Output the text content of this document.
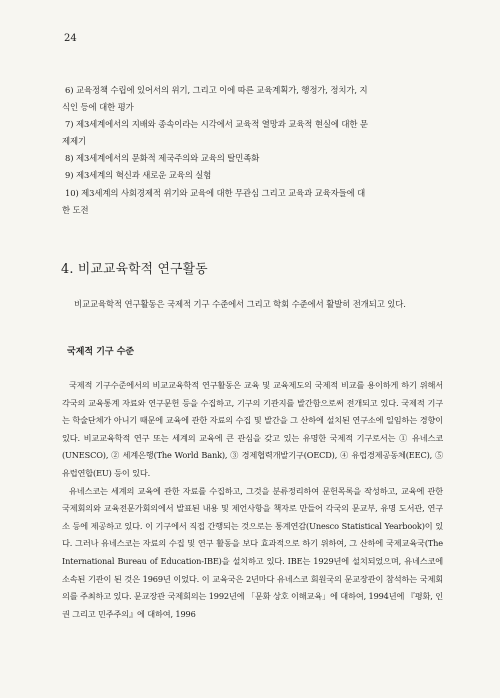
24

6) 교육정책 수립에 있어서의 위기, 그리고 이에 따른 교육계획가, 행정가, 정치가, 지

식인 등에 대한 평가

7) 제3세계에서의 지배와 종속이라는 시각에서 교육적 열망과 교육적 현실에 대한 문

제제기

8) 제3세계에서의 문화적 제국주의와 교육의 탈민족화

9) 제3세계의 혁신과 새로운 교육의 실험

10) 제3세계의 사회경제적 위기와 교육에 대한 무관심 그리고 교육과 교육자들에 대

한 도전

4. 비교교육학적 연구활동

비교교육학적 연구활동은 국제적 기구 수준에서 그리고 학회 수준에서 활발히 전개되고 있다.

국제적 기구 수준

국제적 기구수준에서의 비교교육학적 연구활동은 교육 및 교육제도의 국제적 비교를 용이하게 하기 위해서 각국의 교육통계 자료와 연구문헌 등을 수집하고, 기구의 기관지를 발간함으로써 전개되고 있다. 국제적 기구는 학술단체가 아니기 때문에 교육에 관한 자료의 수집 및 발간을 그 산하에 설치된 연구소에 일임하는 경향이 있다. 비교교육학적 연구 또는 세계의 교육에 큰 관심을 갖고 있는 유명한 국제적 기구로서는 ① 유네스코(UNESCO), ② 세계은행(The World Bank), ③ 경제협력개발기구(OECD), ④ 유럽경제공동체(EEC), ⑤ 유럽연합(EU) 등이 있다.

유네스코는 세계의 교육에 관한 자료를 수집하고, 그것을 분류정리하여 문헌목록을 작성하고, 교육에 관한 국제회의와 교육전문가회의에서 발표된 내용 및 제언사항을 책자로 만들어 각국의 문교부, 유명 도서관, 연구소 등에 제공하고 있다. 이 기구에서 직접 간행되는 것으로는 통계연감(Unesco Statistical Yearbook)이 있다. 그러나 유네스코는 자료의 수집 및 연구 활동을 보다 효과적으로 하기 위하여, 그 산하에 국제교육국(The International Bureau of Education-IBE)을 설치하고 있다. IBE는 1929년에 설치되었으며, 유네스코에 소속된 기관이 된 것은 1969년 이었다. 이 교육국은 2년마다 유네스코 회원국의 문교장관이 참석하는 국제회의를 주최하고 있다. 문교장관 국제회의는 1992년에 「문화 상호 이해교육」에 대하여, 1994년에 『평화, 인권 그리고 민주주의』에 대하여, 1996
